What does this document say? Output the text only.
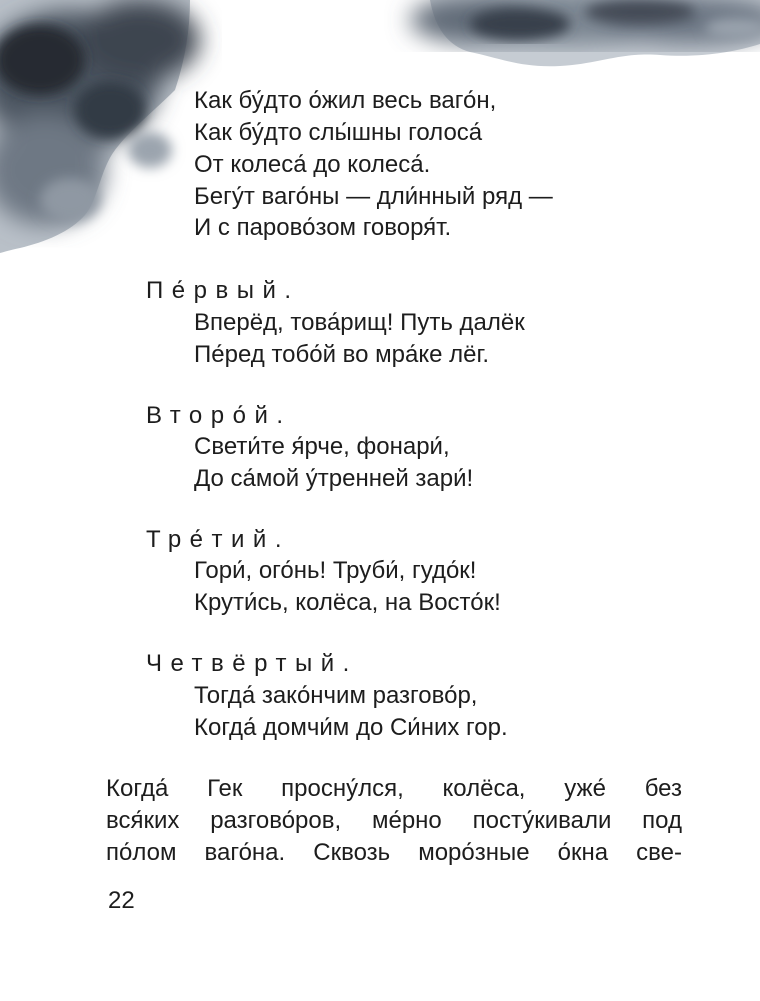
Как бу́дто о́жил весь ваго́н,

Как бу́дто слы́шны голоса́

От колеса́ до колеса́.

Бегу́т ваго́ны — дли́нный ряд —

И с парово́зом говоря́т.

Пе́рвый.

Вперёд, това́рищ! Путь далёк

Пе́ред тобо́й во мра́ке лёг.

Второ́й.

Свети́те я́рче, фонари́,

До са́мой у́тренней зари́!

Тре́тий.

Гори́, ого́нь! Труби́, гудо́к!

Крути́сь, колёса, на Восто́к!

Четвёртый.

Тогда́ зако́нчим разгово́р,

Когда́ домчи́м до Си́них гор.

Когда́ Гек просну́лся, колёса, уже́ без

вся́ких разгово́ров, ме́рно посту́кивали под

по́лом ваго́на. Сквозь моро́зные о́кна све-

22
